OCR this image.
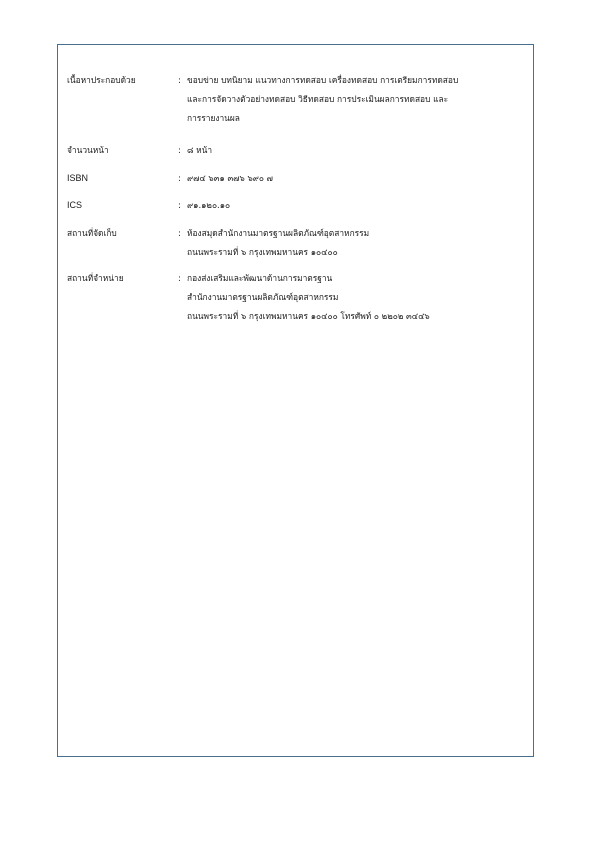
เนื้อหาประกอบด้วย	: ขอบข่าย บทนิยาม แนวทางการทดสอบ เครื่องทดสอบ การเตรียมการทดสอบ
และการจัดวางตัวอย่างทดสอบ วิธีทดสอบ การประเมินผลการทดสอบ และ
การรายงานผล
จำนวนหน้า	: ๘ หน้า
ISBN	: ๙๗๔ ๖๓๑ ๓๗๖ ๖๙๐ ๗
ICS	: ๙๑.๑๒๐.๑๐
สถานที่จัดเก็บ	: ห้องสมุดสำนักงานมาตรฐานผลิตภัณฑ์อุตสาหกรรม
ถนนพระรามที่ ๖ กรุงเทพมหานคร ๑๐๔๐๐
สถานที่จำหน่าย	: กองส่งเสริมและพัฒนาด้านการมาตรฐาน
สำนักงานมาตรฐานผลิตภัณฑ์อุตสาหกรรม
ถนนพระรามที่ ๖ กรุงเทพมหานคร ๑๐๔๐๐ โทรศัพท์ ๐ ๒๒๐๒ ๓๔๔๖
